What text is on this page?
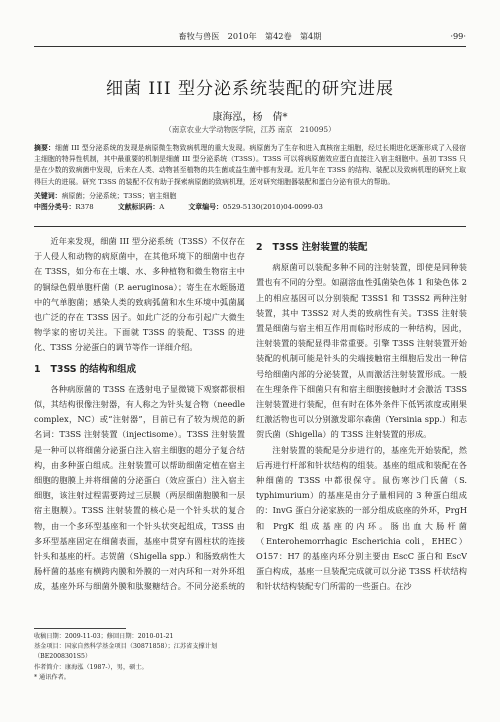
畜牧与兽医　2010年　第42卷　第4期	·99·
细菌 III 型分泌系统装配的研究进展
康海泓，杨　倩*
（南京农业大学动物医学院，江苏 南京　210095）
摘要：细菌 III 型分泌系统的发现是病原微生物致病机理的重大发现。病原菌为了生存和进入真核宿主细胞，经过长期进化逐渐形成了入侵宿主细胞的特异性机制，其中最重要的机制是细菌 III 型分泌系统（T3SS）。T3SS 可以将病原菌效应蛋白直接注入宿主细胞中。虽初 T3SS 只是在少数的致病菌中发现，后来在人类、动物甚至植物的共生菌或益生菌中都有发现。近几年在 T3SS 的结构、装配以及致病机理的研究上取得巨大的进展。研究 T3SS 的装配不仅有助于探索病原菌的致病机理，还对研究细胞器装配和蛋白分泌有很大的帮助。
关键词：病原菌；分泌系统；T3SS；宿主细胞
中图分类号：R378	文献标识码：A	文章编号：0529-5130(2010)04-0099-03

近年来发现，细菌 III 型分泌系统（T3SS）不仅存在于人侵人和动物的病原菌中，在其他环境下的细菌中也存在 T3SS，如分布在土壤、水、多种植物和微生物宿主中的铜绿色假单胞杆菌（P. aeruginosa）；寄生在水蛭肠道中的气单胞菌；感染人类的致病弧菌和水生环境中弧菌属也广泛的存在 T3SS 因子。如此广泛的分布引起广大微生物学家的密切关注。下面就 T3SS 的装配、T3SS 的进化、T3SS 分泌蛋白的调节等作一详细介绍。

1 T3SS 的结构和组成

各种病原菌的 T3SS 在透射电子显微镜下观察都很相似，其结构很像注射器，有人称之为针头复合物（needle complex，NC）或“注射器”，目前已有了较为规范的新名词：T3SS 注射装置（injectisome）。T3SS 注射装置是一种可以将细菌分泌蛋白注入宿主细胞的超分子复合结构，由多种蛋白组成。注射装置可以帮助细菌定植在宿主细胞的胞膜上并将细菌的分泌蛋白（效应蛋白）注入宿主细胞，该注射过程需要跨过三层膜（两层细菌胞膜和一层宿主胞膜）。T3SS 注射装置的核心是一个针头状的复合物，由一个多环型基座和一个针头状突起组成，T3SS 由多环型基座固定在细菌表面，基座中贯穿有圆柱状的连接针头和基座的杆。志贺菌（Shigella spp.）和肠致病性大肠杆菌的基座有横跨内膜和外膜的一对内环和一对外环组成，基座外环与细菌外膜和肽聚糖结合。不同分泌系统的

2 T3SS 注射装置的装配

病原菌可以装配多种不同的注射装置，即使是同种装置也有不同的分型。如副溶血性弧菌染色体 1 和染色体 2 上的相应基因可以分别装配 T3SS1 和 T3SS2 两种注射装置，其中 T3SS2 对人类的致病性有关。T3SS 注射装置是细菌与宿主相互作用而临时形成的一种结构，因此，注射装置的装配显得非常重要。引擎 T3SS 注射装置开始装配的机制可能是针头的尖端接触宿主细胞后发出一种信号给细菌内部的分泌装置，从而激活注射装置形成。一般在生理条件下细菌只有和宿主细胞接触时才会激活 T3SS 注射装置进行装配，但有时在体外条件下低钙浓度或刚果红激活物也可以分别激发耶尔森菌（Yersinia spp.）和志贺氏菌（Shigella）的 T3SS 注射装置的形成。

注射装置的装配是分步进行的，基座先开始装配，然后再进行杆部和针状结构的组装。基座的组成和装配在各种细菌的 T3SS 中都很保守。鼠伤寒沙门氏菌（S. typhimurium）的基座是由分子量相同的 3 种蛋白组成的：InvG 蛋白分泌家族的一部分组成底座的外环，PrgH 和 PrgK 组成基座的内环。肠出血大肠杆菌（Enterohemorrhagic Escherichia coli，EHEC）O157：H7 的基座内环分别主要由 EscC 蛋白和 EscV 蛋白构成，基座一旦装配完成就可以分泌 T3SS 杆状结构和针状结构装配专门所需的一些蛋白。在沙

收稿日期：2009-11-03；修回日期：2010-01-21
基金项目：国家自然科学基金项目（30871858）；江苏省支撑计划（BE2008301S5）
作者简介：康海泓（1987-），男，硕士。
* 通讯作者。
